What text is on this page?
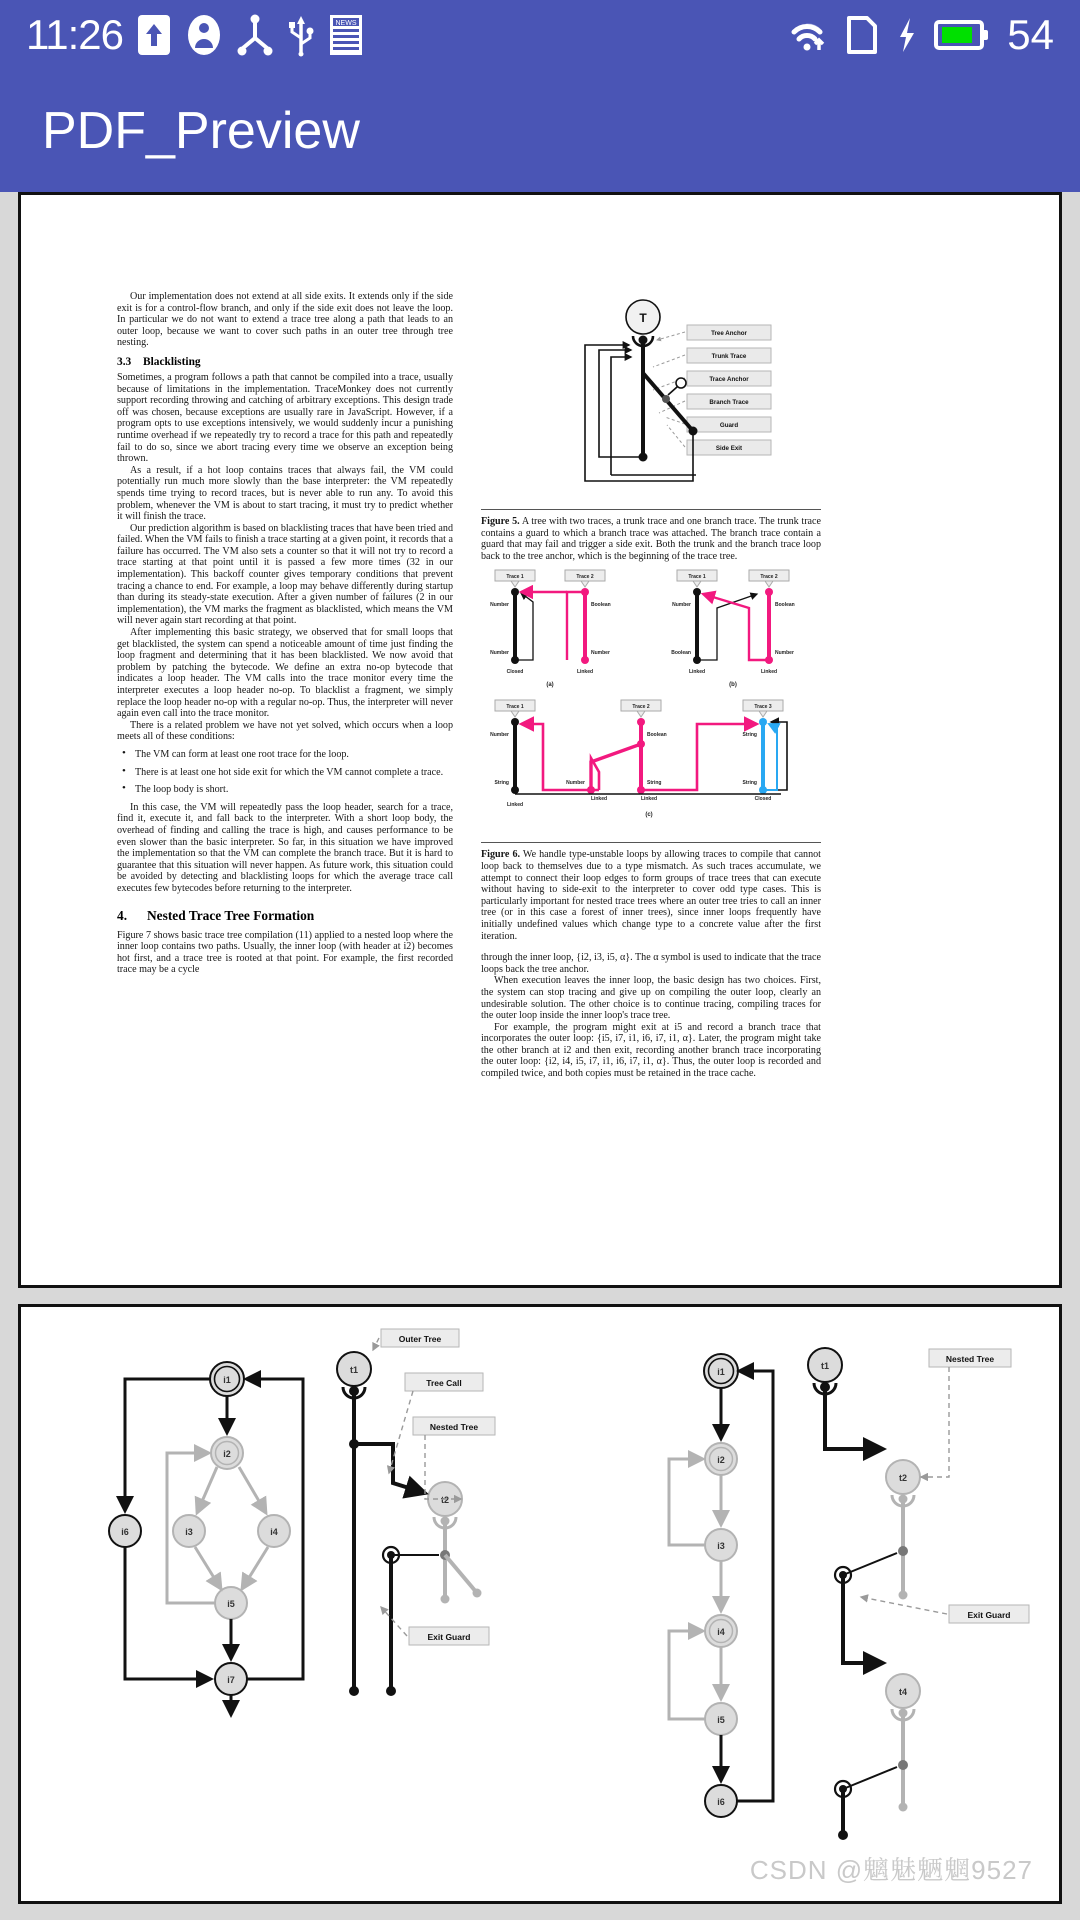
11:26	NEWS	54
PDF_Preview

Our implementation does not extend at all side exits. It extends only if the side exit is for a control-flow branch, and only if the side exit does not leave the loop. In particular we do not want to extend a trace tree along a path that leads to an outer loop, because we want to cover such paths in an outer tree through tree nesting.

3.3 Blacklisting

Sometimes, a program follows a path that cannot be compiled into a trace, usually because of limitations in the implementation. TraceMonkey does not currently support recording throwing and catching of arbitrary exceptions. This design trade off was chosen, because exceptions are usually rare in JavaScript. However, if a program opts to use exceptions intensively, we would suddenly incur a punishing runtime overhead if we repeatedly try to record a trace for this path and repeatedly fail to do so, since we abort tracing every time we observe an exception being thrown.

As a result, if a hot loop contains traces that always fail, the VM could potentially run much more slowly than the base interpreter: the VM repeatedly spends time trying to record traces, but is never able to run any. To avoid this problem, whenever the VM is about to start tracing, it must try to predict whether it will finish the trace.

Our prediction algorithm is based on blacklisting traces that have been tried and failed. When the VM fails to finish a trace starting at a given point, it records that a failure has occurred. The VM also sets a counter so that it will not try to record a trace starting at that point until it is passed a few more times (32 in our implementation). This backoff counter gives temporary conditions that prevent tracing a chance to end. For example, a loop may behave differently during startup than during its steady-state execution. After a given number of failures (2 in our implementation), the VM marks the fragment as blacklisted, which means the VM will never again start recording at that point.

After implementing this basic strategy, we observed that for small loops that get blacklisted, the system can spend a noticeable amount of time just finding the loop fragment and determining that it has been blacklisted. We now avoid that problem by patching the bytecode. We define an extra no-op bytecode that indicates a loop header. The VM calls into the trace monitor every time the interpreter executes a loop header no-op. To blacklist a fragment, we simply replace the loop header no-op with a regular no-op. Thus, the interpreter will never again even call into the trace monitor.

There is a related problem we have not yet solved, which occurs when a loop meets all of these conditions:

• The VM can form at least one root trace for the loop.
• There is at least one hot side exit for which the VM cannot complete a trace.
• The loop body is short.

In this case, the VM will repeatedly pass the loop header, search for a trace, find it, execute it, and fall back to the interpreter. With a short loop body, the overhead of finding and calling the trace is high, and causes performance to be even slower than the basic interpreter. So far, in this situation we have improved the implementation so that the VM can complete the branch trace. But it is hard to guarantee that this situation will never happen. As future work, this situation could be avoided by detecting and blacklisting loops for which the average trace call executes few bytecodes before returning to the interpreter.

4. Nested Trace Tree Formation

Figure 7 shows basic trace tree compilation (11) applied to a nested loop where the inner loop contains two paths. Usually, the inner loop (with header at i2) becomes hot first, and a trace tree is rooted at that point. For example, the first recorded trace may be a cycle

Tree Anchor
Trunk Trace
Trace Anchor
Branch Trace
Guard
Side Exit
T

Figure 5. A tree with two traces, a trunk trace and one branch trace. The trunk trace contains a guard to which a branch trace was attached. The branch trace contain a guard that may fail and trigger a side exit. Both the trunk and the branch trace loop back to the tree anchor, which is the beginning of the trace tree.

Trace 1	Trace 2
Number
Number
Boolean
Number
Closed	Linked
(a)
Trace 1	Trace 2
Number
Boolean
Boolean
Number
Linked	Linked
(b)
Trace 1	Trace 2	Trace 3
Number
String
Boolean
String
String
String
Number
Linked
Linked	Linked	Closed
(c)

Figure 6. We handle type-unstable loops by allowing traces to compile that cannot loop back to themselves due to a type mismatch. As such traces accumulate, we attempt to connect their loop edges to form groups of trace trees that can execute without having to side-exit to the interpreter to cover odd type cases. This is particularly important for nested trace trees where an outer tree tries to call an inner tree (or in this case a forest of inner trees), since inner loops frequently have initially undefined values which change type to a concrete value after the first iteration.

through the inner loop, {i2, i3, i5, α}. The α symbol is used to indicate that the trace loops back the tree anchor.

When execution leaves the inner loop, the basic design has two choices. First, the system can stop tracing and give up on compiling the outer loop, clearly an undesirable solution. The other choice is to continue tracing, compiling traces for the outer loop inside the inner loop's trace tree.

For example, the program might exit at i5 and record a branch trace that incorporates the outer loop: {i5, i7, i1, i6, i7, i1, α}. Later, the program might take the other branch at i2 and then exit, recording another branch trace incorporating the outer loop: {i2, i4, i5, i7, i1, i6, i7, i1, α}. Thus, the outer loop is recorded and compiled twice, and both copies must be retained in the trace cache.

i1
i2
i3	i4
i5
i6
i7
t1
t2
Outer Tree
Tree Call
Nested Tree
Exit Guard
i1
i2
i3
i4
i5
i6
t1
t2
t4
Nested Tree
Exit Guard
CSDN @魑魅魉魍9527
